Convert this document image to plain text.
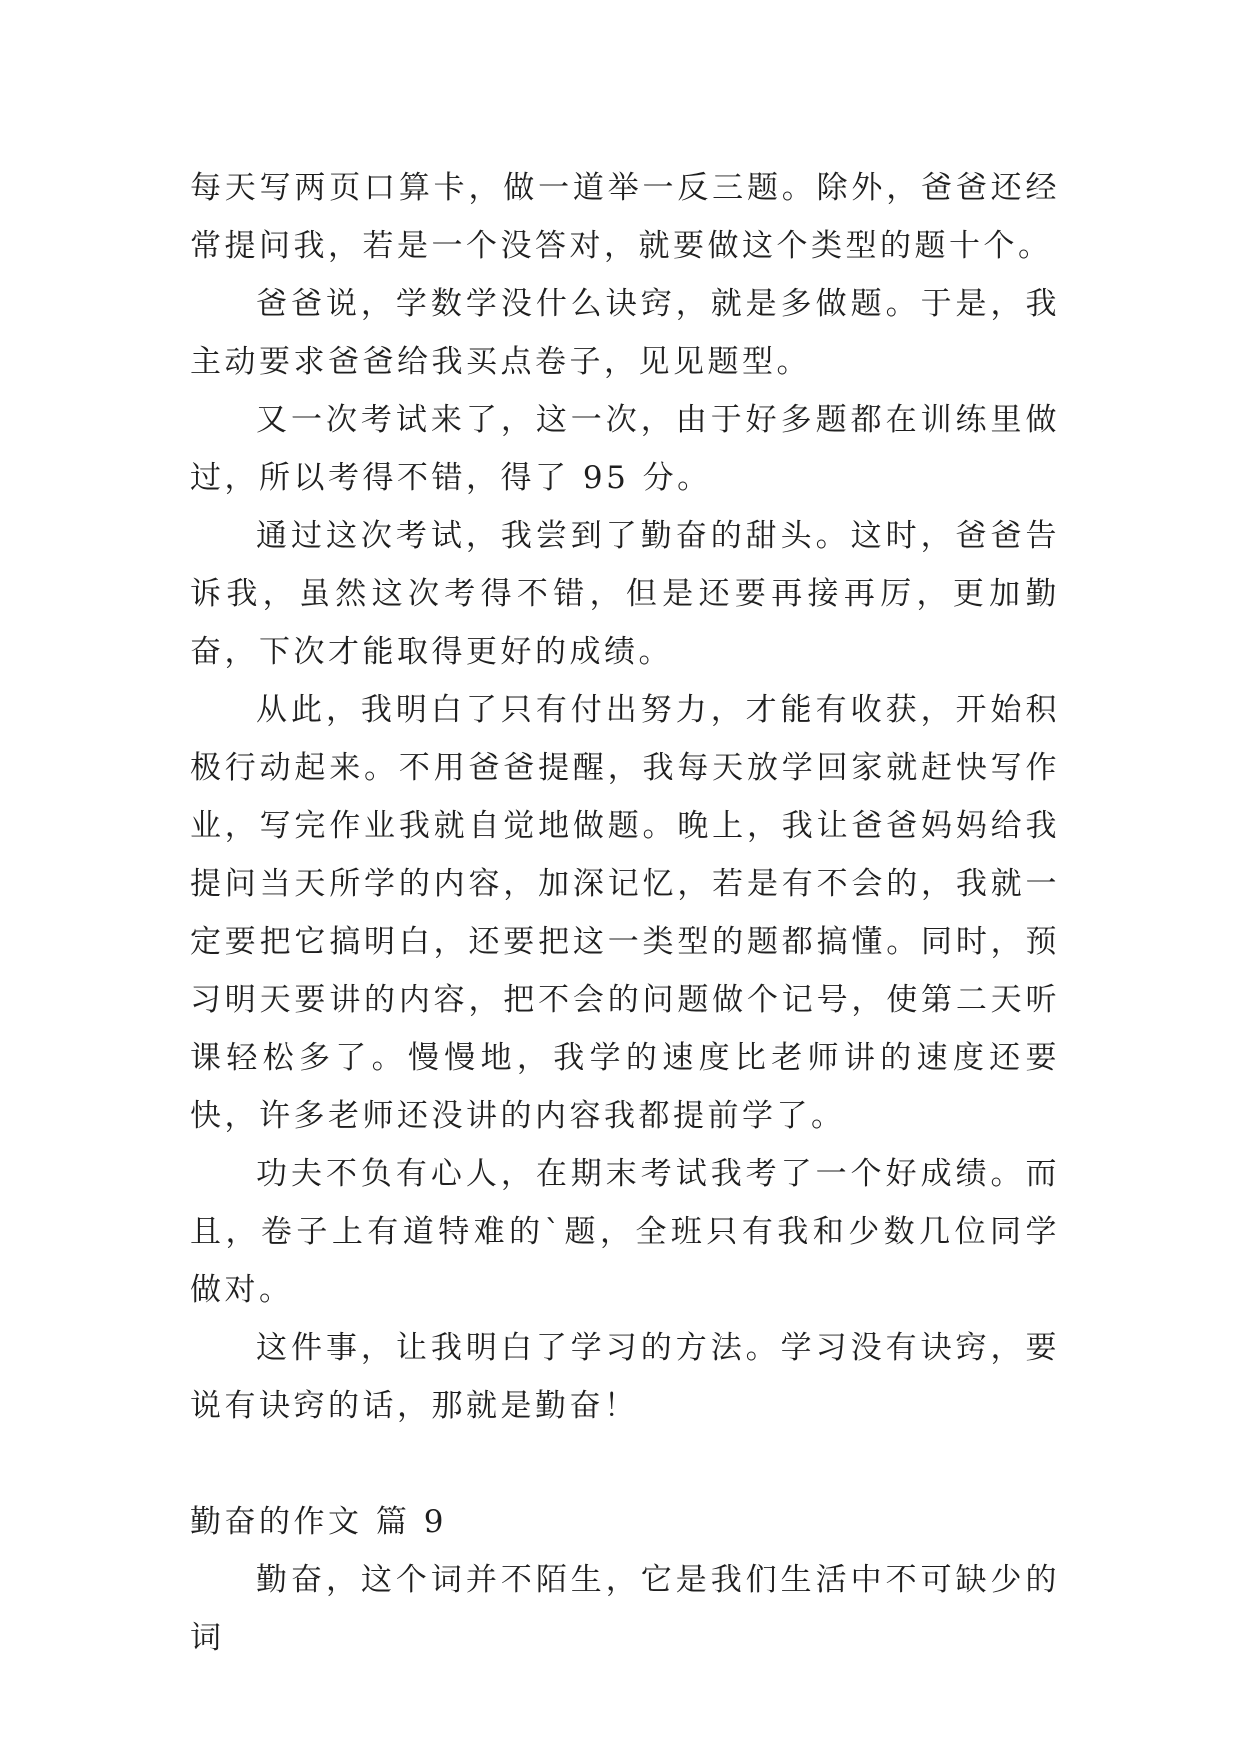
每天写两页口算卡，做一道举一反三题。除外，爸爸还经常提问我，若是一个没答对，就要做这个类型的题十个。

爸爸说，学数学没什么诀窍，就是多做题。于是，我主动要求爸爸给我买点卷子，见见题型。

又一次考试来了，这一次，由于好多题都在训练里做过，所以考得不错，得了 95 分。

通过这次考试，我尝到了勤奋的甜头。这时，爸爸告诉我，虽然这次考得不错，但是还要再接再厉，更加勤奋，下次才能取得更好的成绩。

从此，我明白了只有付出努力，才能有收获，开始积极行动起来。不用爸爸提醒，我每天放学回家就赶快写作业，写完作业我就自觉地做题。晚上，我让爸爸妈妈给我提问当天所学的内容，加深记忆，若是有不会的，我就一定要把它搞明白，还要把这一类型的题都搞懂。同时，预习明天要讲的内容，把不会的问题做个记号，使第二天听课轻松多了。慢慢地，我学的速度比老师讲的速度还要快，许多老师还没讲的内容我都提前学了。

功夫不负有心人，在期末考试我考了一个好成绩。而且，卷子上有道特难的`题，全班只有我和少数几位同学做对。

这件事，让我明白了学习的方法。学习没有诀窍，要说有诀窍的话，那就是勤奋！

勤奋的作文 篇 9

勤奋，这个词并不陌生，它是我们生活中不可缺少的词
